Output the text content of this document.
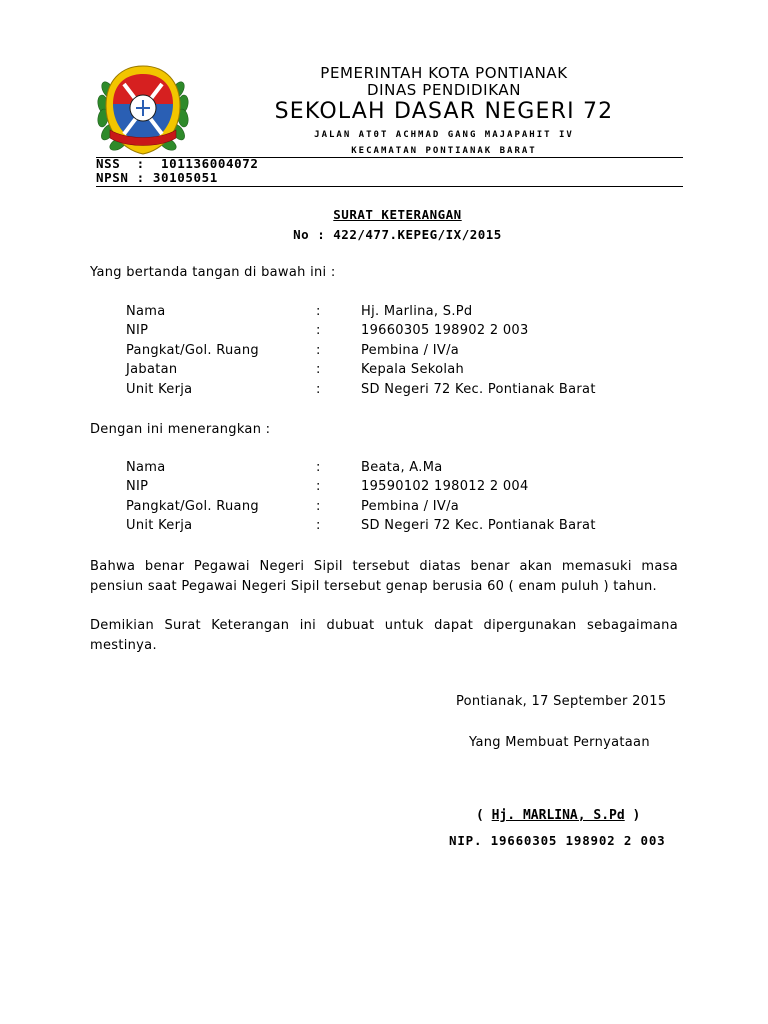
PEMERINTAH KOTA PONTIANAK
DINAS PENDIDIKAN
SEKOLAH DASAR NEGERI 72
JALAN AT0T ACHMAD GANG MAJAPAHIT IV
KECAMATAN PONTIANAK BARAT
NSS  :  101136004072
NPSN : 30105051
SURAT KETERANGAN
No : 422/477.KEPEG/IX/2015
Yang bertanda tangan di bawah ini :
Nama	:	Hj. Marlina, S.Pd
NIP	:	19660305 198902 2 003
Pangkat/Gol. Ruang	:	Pembina / IV/a
Jabatan	:	Kepala Sekolah
Unit Kerja	:	SD Negeri 72 Kec. Pontianak Barat
Dengan ini menerangkan :
Nama	:	Beata, A.Ma
NIP	:	19590102 198012 2 004
Pangkat/Gol. Ruang	:	Pembina / IV/a
Unit Kerja	:	SD Negeri 72 Kec. Pontianak Barat
Bahwa benar Pegawai Negeri Sipil tersebut diatas benar akan memasuki masa
pensiun saat Pegawai Negeri Sipil tersebut genap berusia 60 ( enam puluh ) tahun.
Demikian Surat Keterangan ini dubuat untuk dapat dipergunakan sebagaimana
mestinya.
Pontianak, 17 September 2015
Yang Membuat Pernyataan
( Hj. MARLINA, S.Pd )
NIP. 19660305 198902 2 003
